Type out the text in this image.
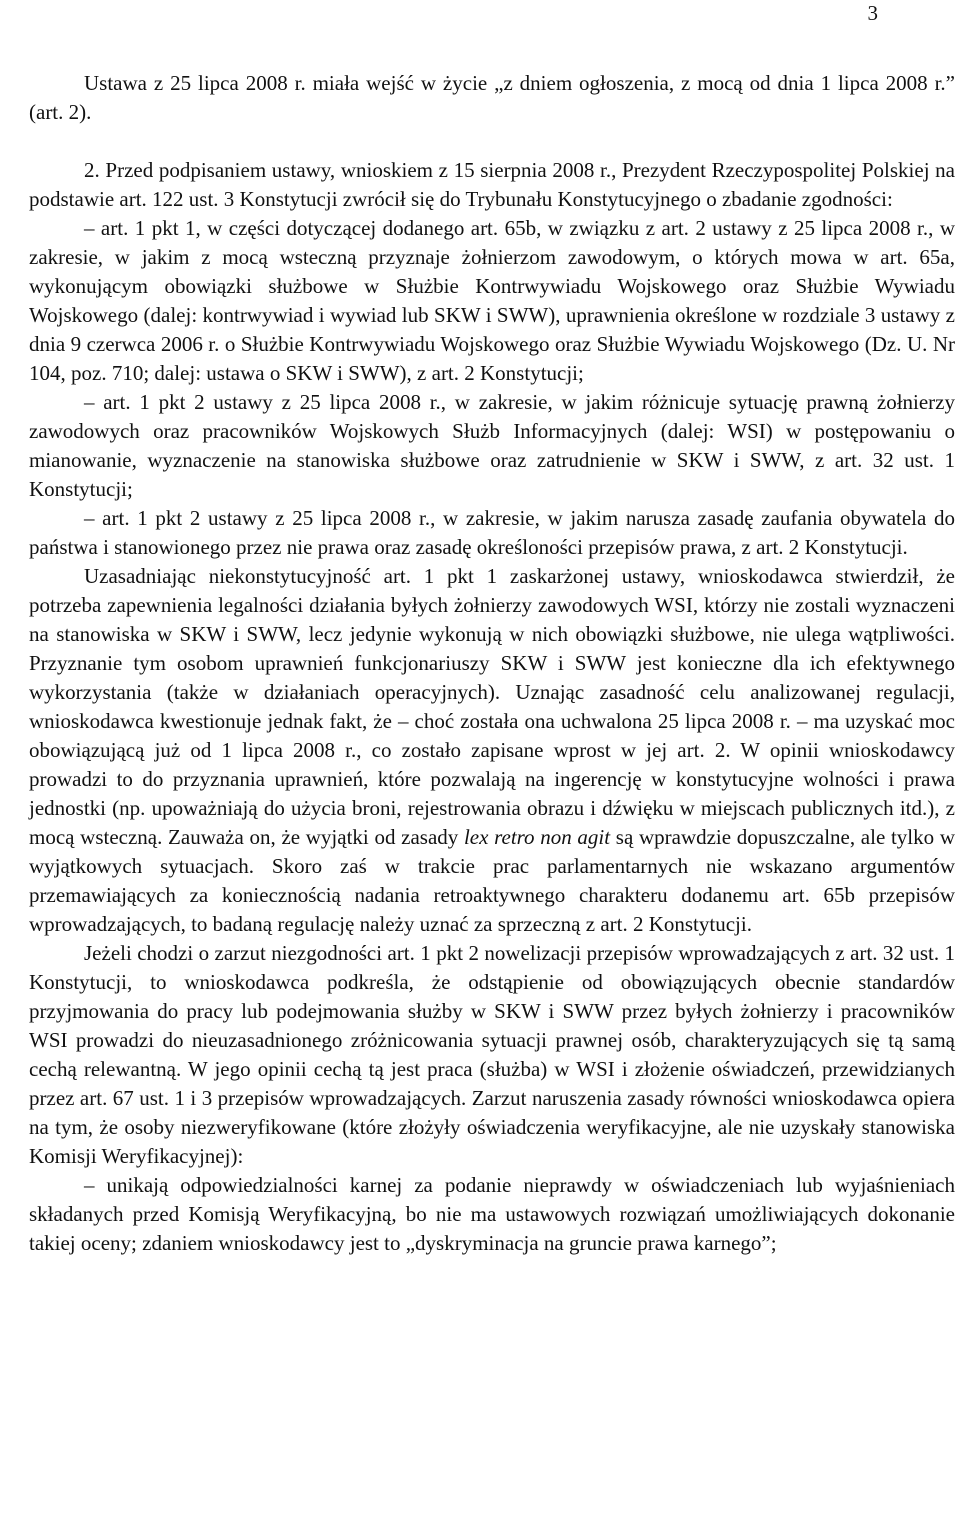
3

Ustawa z 25 lipca 2008 r. miała wejść w życie „z dniem ogłoszenia, z mocą od dnia 1 lipca 2008 r.” (art. 2).

2. Przed podpisaniem ustawy, wnioskiem z 15 sierpnia 2008 r., Prezydent Rzeczypospolitej Polskiej na podstawie art. 122 ust. 3 Konstytucji zwrócił się do Trybunału Konstytucyjnego o zbadanie zgodności:

– art. 1 pkt 1, w części dotyczącej dodanego art. 65b, w związku z art. 2 ustawy z 25 lipca 2008 r., w zakresie, w jakim z mocą wsteczną przyznaje żołnierzom zawodowym, o których mowa w art. 65a, wykonującym obowiązki służbowe w Służbie Kontrwywiadu Wojskowego oraz Służbie Wywiadu Wojskowego (dalej: kontrwywiad i wywiad lub SKW i SWW), uprawnienia określone w rozdziale 3 ustawy z dnia 9 czerwca 2006 r. o Służbie Kontrwywiadu Wojskowego oraz Służbie Wywiadu Wojskowego (Dz. U. Nr 104, poz. 710; dalej: ustawa o SKW i SWW), z art. 2 Konstytucji;

– art. 1 pkt 2 ustawy z 25 lipca 2008 r., w zakresie, w jakim różnicuje sytuację prawną żołnierzy zawodowych oraz pracowników Wojskowych Służb Informacyjnych (dalej: WSI) w postępowaniu o mianowanie, wyznaczenie na stanowiska służbowe oraz zatrudnienie w SKW i SWW, z art. 32 ust. 1 Konstytucji;

– art. 1 pkt 2 ustawy z 25 lipca 2008 r., w zakresie, w jakim narusza zasadę zaufania obywatela do państwa i stanowionego przez nie prawa oraz zasadę określoności przepisów prawa, z art. 2 Konstytucji.

Uzasadniając niekonstytucyjność art. 1 pkt 1 zaskarżonej ustawy, wnioskodawca stwierdził, że potrzeba zapewnienia legalności działania byłych żołnierzy zawodowych WSI, którzy nie zostali wyznaczeni na stanowiska w SKW i SWW, lecz jedynie wykonują w nich obowiązki służbowe, nie ulega wątpliwości. Przyznanie tym osobom uprawnień funkcjonariuszy SKW i SWW jest konieczne dla ich efektywnego wykorzystania (także w działaniach operacyjnych). Uznając zasadność celu analizowanej regulacji, wnioskodawca kwestionuje jednak fakt, że – choć została ona uchwalona 25 lipca 2008 r. – ma uzyskać moc obowiązującą już od 1 lipca 2008 r., co zostało zapisane wprost w jej art. 2. W opinii wnioskodawcy prowadzi to do przyznania uprawnień, które pozwalają na ingerencję w konstytucyjne wolności i prawa jednostki (np. upoważniają do użycia broni, rejestrowania obrazu i dźwięku w miejscach publicznych itd.), z mocą wsteczną. Zauważa on, że wyjątki od zasady lex retro non agit są wprawdzie dopuszczalne, ale tylko w wyjątkowych sytuacjach. Skoro zaś w trakcie prac parlamentarnych nie wskazano argumentów przemawiających za koniecznością nadania retroaktywnego charakteru dodanemu art. 65b przepisów wprowadzających, to badaną regulację należy uznać za sprzeczną z art. 2 Konstytucji.

Jeżeli chodzi o zarzut niezgodności art. 1 pkt 2 nowelizacji przepisów wprowadzających z art. 32 ust. 1 Konstytucji, to wnioskodawca podkreśla, że odstąpienie od obowiązujących obecnie standardów przyjmowania do pracy lub podejmowania służby w SKW i SWW przez byłych żołnierzy i pracowników WSI prowadzi do nieuzasadnionego zróżnicowania sytuacji prawnej osób, charakteryzujących się tą samą cechą relewantną. W jego opinii cechą tą jest praca (służba) w WSI i złożenie oświadczeń, przewidzianych przez art. 67 ust. 1 i 3 przepisów wprowadzających. Zarzut naruszenia zasady równości wnioskodawca opiera na tym, że osoby niezweryfikowane (które złożyły oświadczenia weryfikacyjne, ale nie uzyskały stanowiska Komisji Weryfikacyjnej):

– unikają odpowiedzialności karnej za podanie nieprawdy w oświadczeniach lub wyjaśnieniach składanych przed Komisją Weryfikacyjną, bo nie ma ustawowych rozwiązań umożliwiających dokonanie takiej oceny; zdaniem wnioskodawcy jest to „dyskryminacja na gruncie prawa karnego”;
